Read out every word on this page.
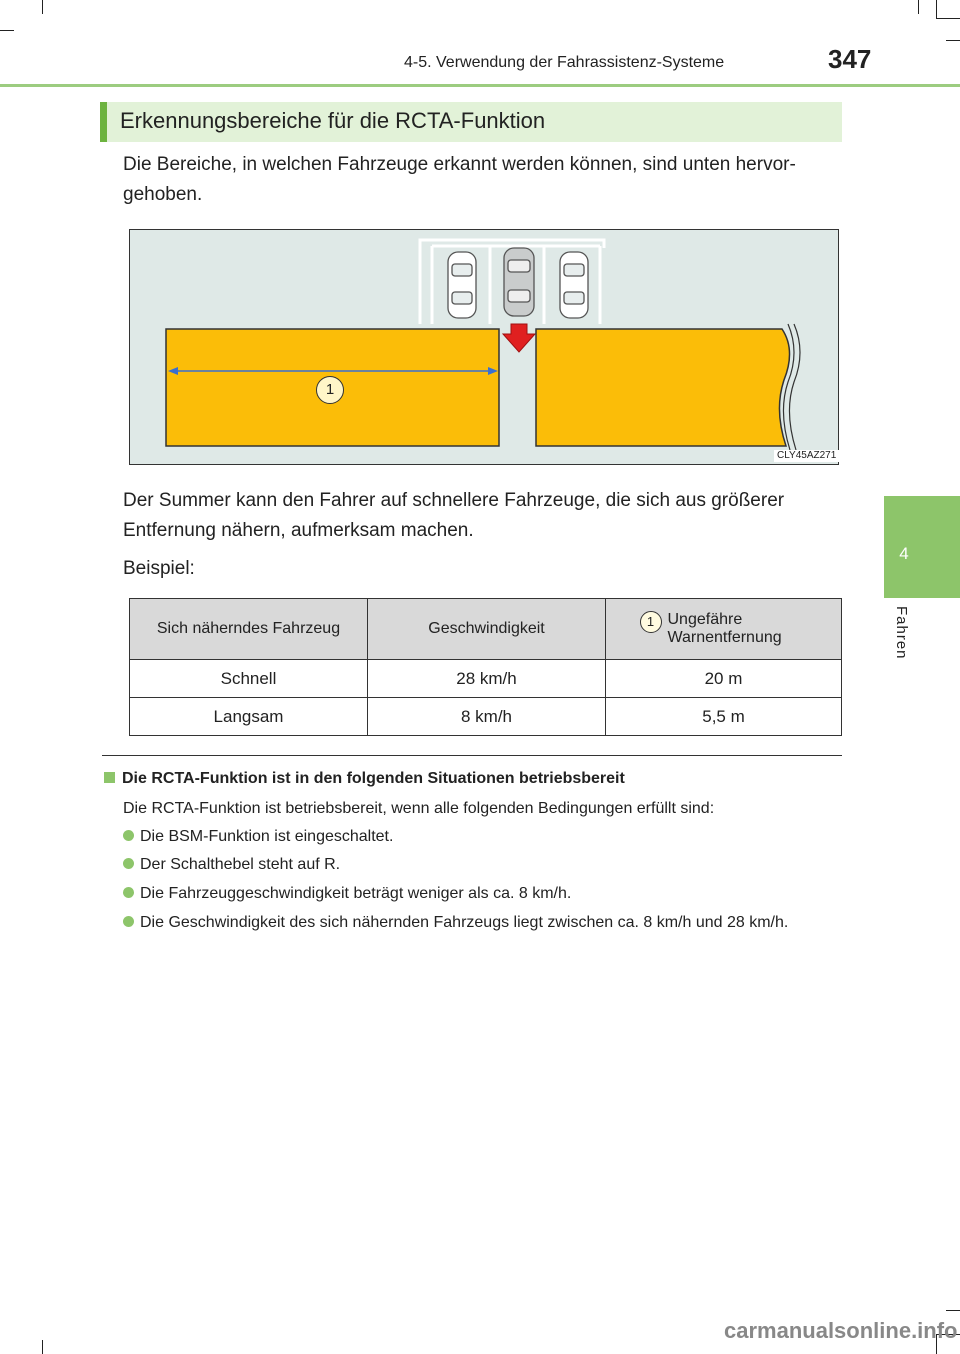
4-5. Verwendung der Fahrassistenz-Systeme	347
4
Fahren
Erkennungsbereiche für die RCTA-Funktion
Die Bereiche, in welchen Fahrzeuge erkannt werden können, sind unten hervor-gehoben.
1
CLY45AZ271
Der Summer kann den Fahrer auf schnellere Fahrzeuge, die sich aus größerer Entfernung nähern, aufmerksam machen.
Beispiel:
Sich näherndes Fahrzeug	Geschwindigkeit	1 Ungefähre Warnentfernung

Schnell	28 km/h	20 m
Langsam	8 km/h	5,5 m
Die RCTA-Funktion ist in den folgenden Situationen betriebsbereit
Die RCTA-Funktion ist betriebsbereit, wenn alle folgenden Bedingungen erfüllt sind:
Die BSM-Funktion ist eingeschaltet.
Der Schalthebel steht auf R.
Die Fahrzeuggeschwindigkeit beträgt weniger als ca. 8 km/h.
Die Geschwindigkeit des sich nähernden Fahrzeugs liegt zwischen ca. 8 km/h und 28 km/h.
carmanualsonline.info
